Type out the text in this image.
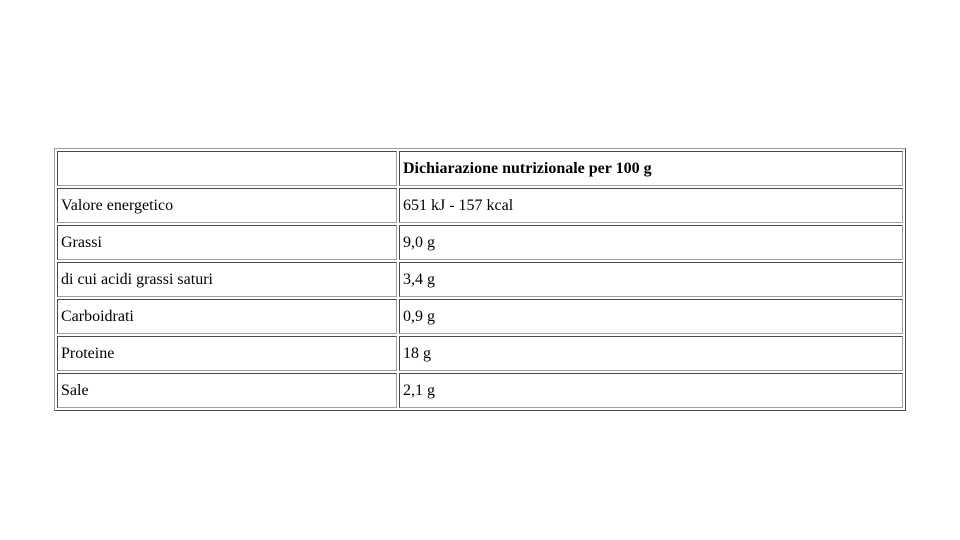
	Dichiarazione nutrizionale per 100 g
Valore energetico	651 kJ - 157 kcal
Grassi	9,0 g
di cui acidi grassi saturi	3,4 g
Carboidrati	0,9 g
Proteine	18 g
Sale	2,1 g
